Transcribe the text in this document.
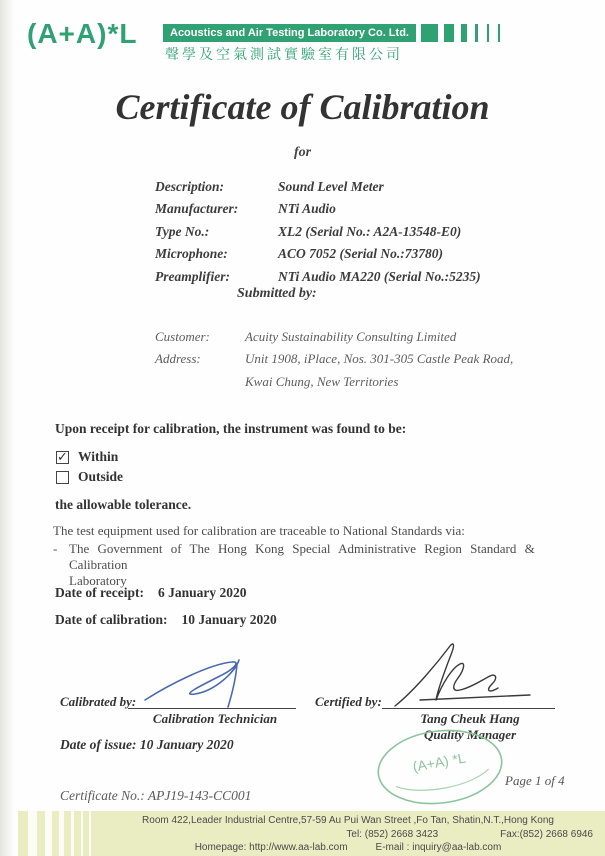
(A+A)*L	Acoustics and Air Testing Laboratory Co. Ltd.
聲學及空氣測試實驗室有限公司
Certificate of Calibration
for
Description:	Sound Level Meter
Manufacturer:	NTi Audio
Type No.:	XL2 (Serial No.: A2A-13548-E0)
Microphone:	ACO 7052 (Serial No.:73780)
Preamplifier:	NTi Audio MA220 (Serial No.:5235)
Submitted by:
Customer:	Acuity Sustainability Consulting Limited
Address:	Unit 1908, iPlace, Nos. 301-305 Castle Peak Road,
Kwai Chung, New Territories
Upon receipt for calibration, the instrument was found to be:
✓ Within
Outside
the allowable tolerance.
The test equipment used for calibration are traceable to National Standards via:
- The Government of The Hong Kong Special Administrative Region Standard & Calibration
Laboratory
Date of receipt: 6 January 2020
Date of calibration: 10 January 2020
Calibrated by:
Calibration Technician
Certified by:
Tang Cheuk Hang
Quality Manager
Date of issue: 10 January 2020
(A+A) *L
Certificate No.: APJ19-143-CC001
Page 1 of 4
Room 422,Leader Industrial Centre,57-59 Au Pui Wan Street ,Fo Tan, Shatin,N.T.,Hong Kong
Tel: (852) 2668 3423	Fax:(852) 2668 6946
Homepage: http://www.aa-lab.com	E-mail : inquiry@aa-lab.com
